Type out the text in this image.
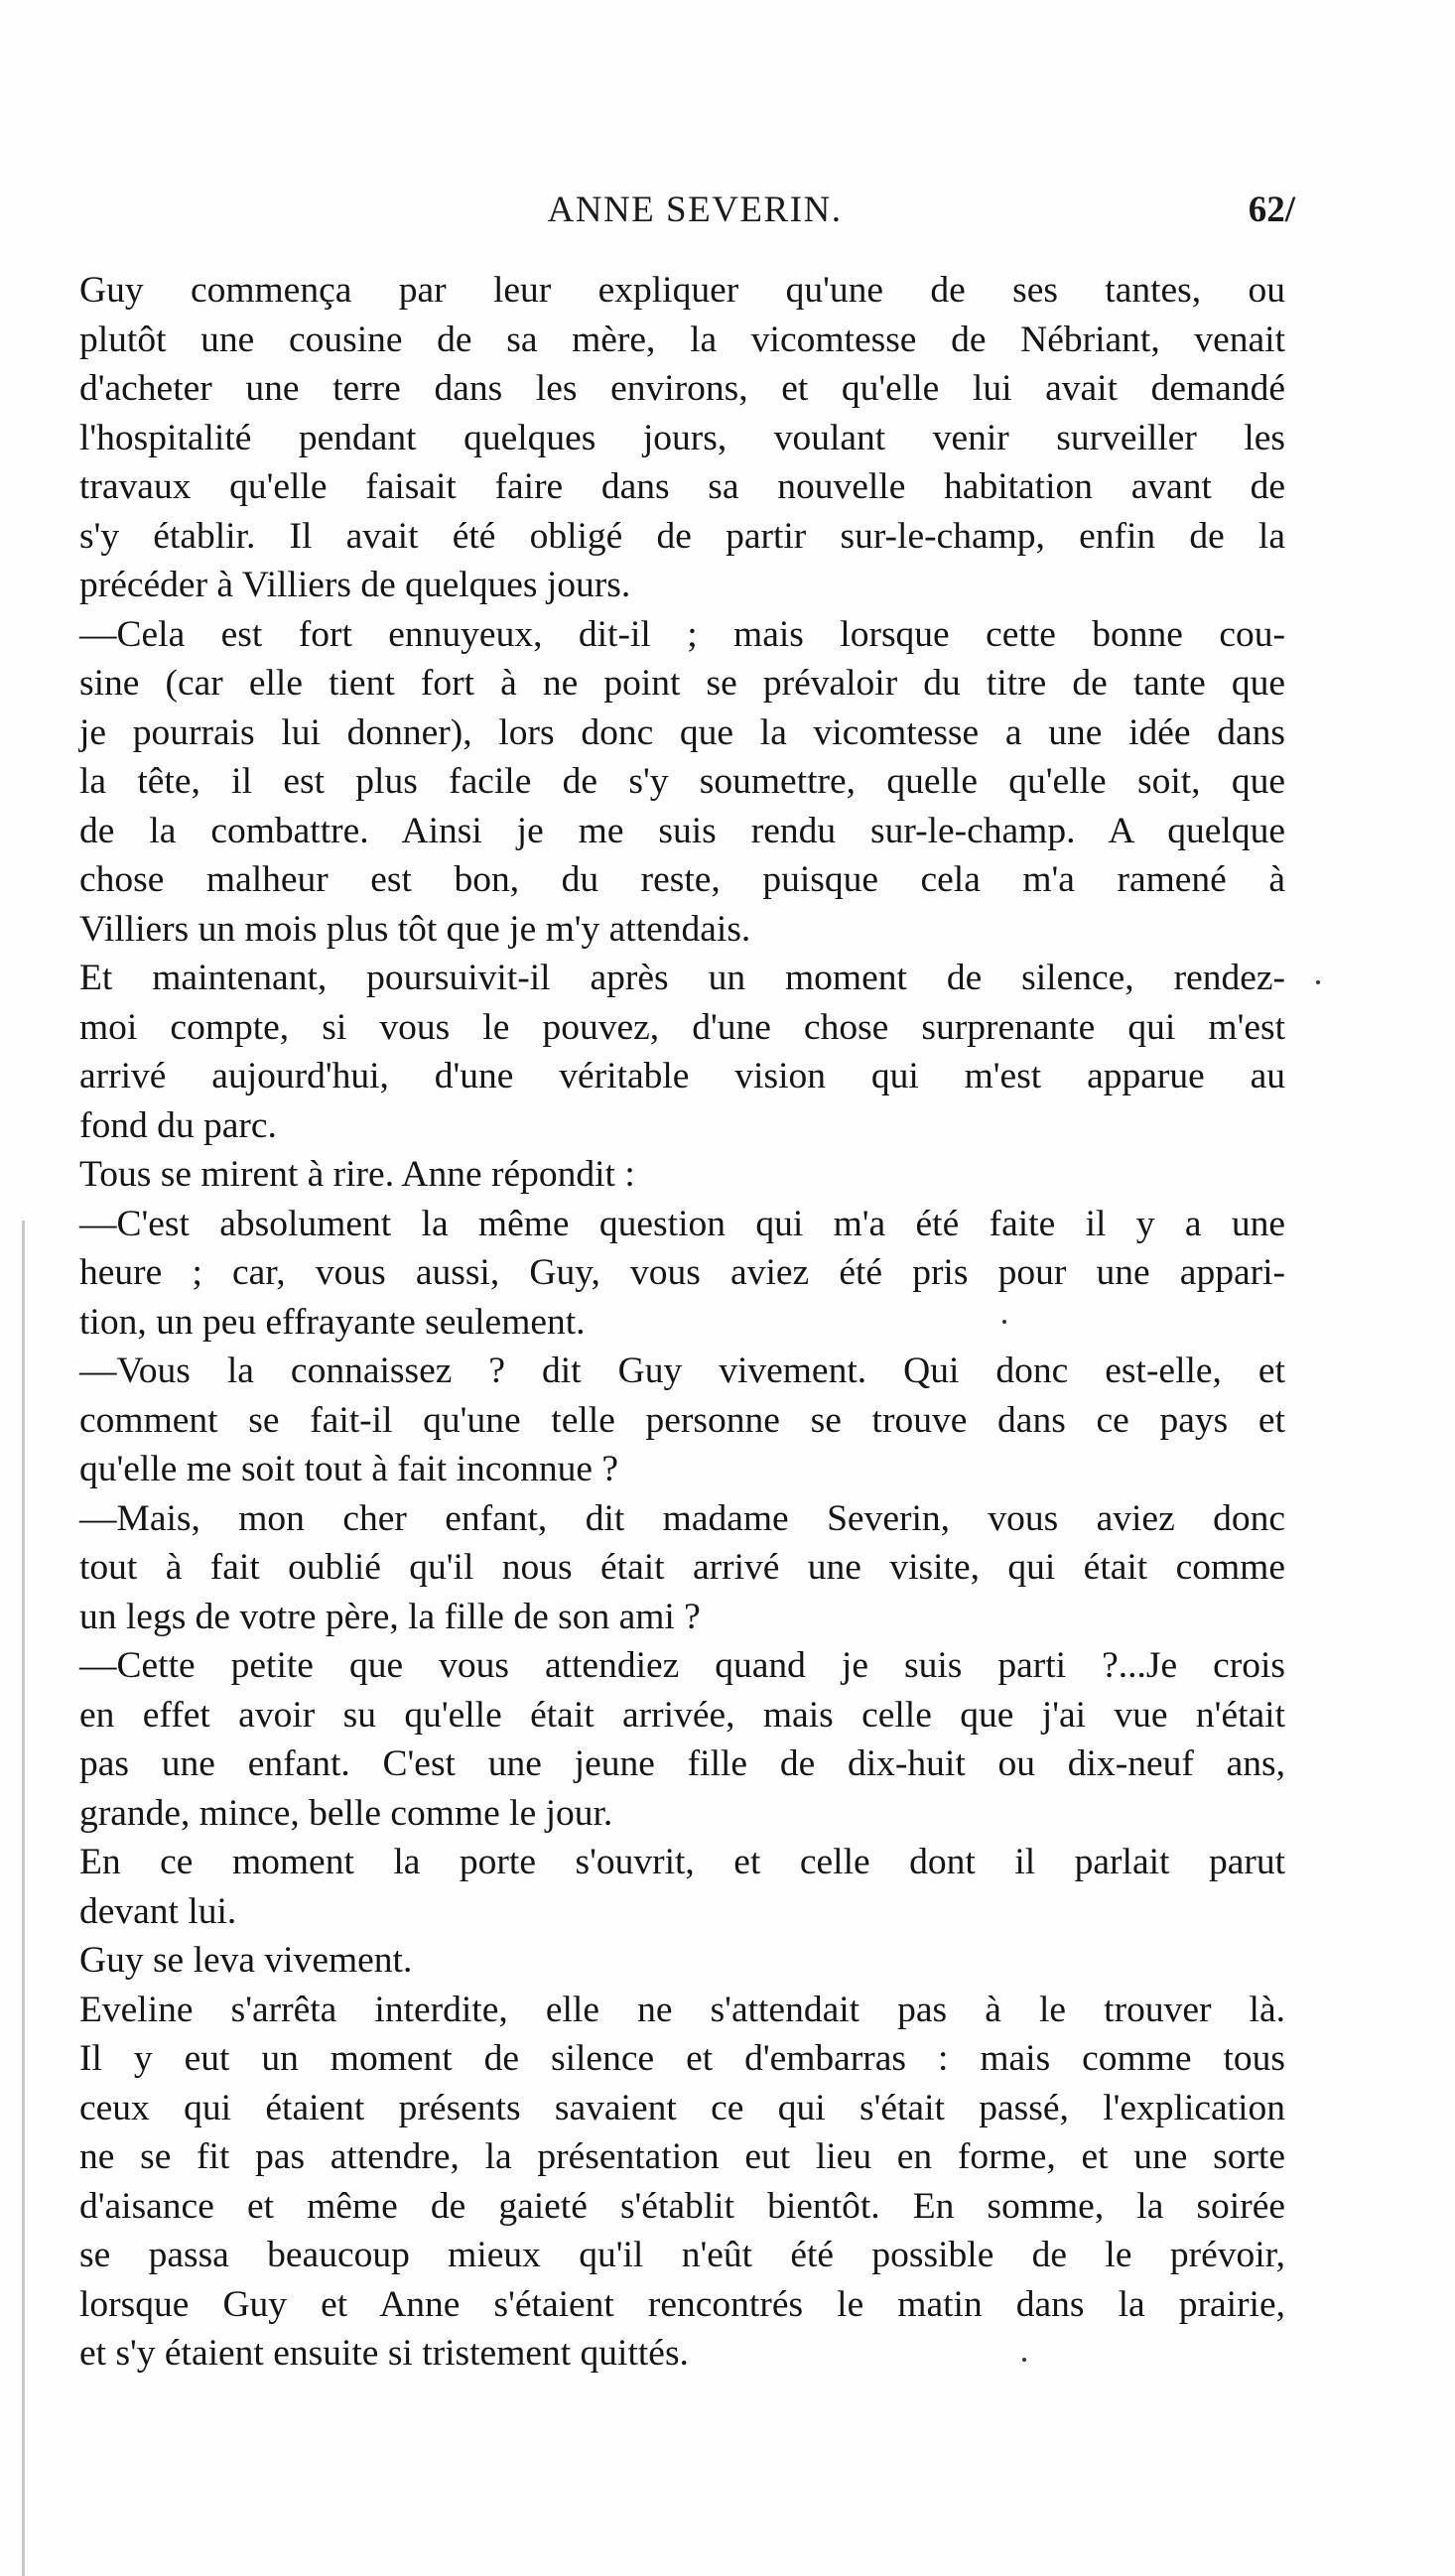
ANNE SEVERIN.	62/

Guy commença par leur expliquer qu'une de ses tantes, ou
plutôt une cousine de sa mère, la vicomtesse de Nébriant, venait
d'acheter une terre dans les environs, et qu'elle lui avait demandé
l'hospitalité pendant quelques jours, voulant venir surveiller les
travaux qu'elle faisait faire dans sa nouvelle habitation avant de
s'y établir. Il avait été obligé de partir sur-le-champ, enfin de la
précéder à Villiers de quelques jours.

—Cela est fort ennuyeux, dit-il ; mais lorsque cette bonne cou-
sine (car elle tient fort à ne point se prévaloir du titre de tante que
je pourrais lui donner), lors donc que la vicomtesse a une idée dans
la tête, il est plus facile de s'y soumettre, quelle qu'elle soit, que
de la combattre. Ainsi je me suis rendu sur-le-champ. A quelque
chose malheur est bon, du reste, puisque cela m'a ramené à
Villiers un mois plus tôt que je m'y attendais.

Et maintenant, poursuivit-il après un moment de silence, rendez-
moi compte, si vous le pouvez, d'une chose surprenante qui m'est
arrivé aujourd'hui, d'une véritable vision qui m'est apparue au
fond du parc.

Tous se mirent à rire. Anne répondit :

—C'est absolument la même question qui m'a été faite il y a une
heure ; car, vous aussi, Guy, vous aviez été pris pour une appari-
tion, un peu effrayante seulement.

—Vous la connaissez ? dit Guy vivement. Qui donc est-elle, et
comment se fait-il qu'une telle personne se trouve dans ce pays et
qu'elle me soit tout à fait inconnue ?

—Mais, mon cher enfant, dit madame Severin, vous aviez donc
tout à fait oublié qu'il nous était arrivé une visite, qui était comme
un legs de votre père, la fille de son ami ?

—Cette petite que vous attendiez quand je suis parti ?...Je crois
en effet avoir su qu'elle était arrivée, mais celle que j'ai vue n'était
pas une enfant. C'est une jeune fille de dix-huit ou dix-neuf ans,
grande, mince, belle comme le jour.

En ce moment la porte s'ouvrit, et celle dont il parlait parut
devant lui.

Guy se leva vivement.

Eveline s'arrêta interdite, elle ne s'attendait pas à le trouver là.
Il y eut un moment de silence et d'embarras : mais comme tous
ceux qui étaient présents savaient ce qui s'était passé, l'explication
ne se fit pas attendre, la présentation eut lieu en forme, et une sorte
d'aisance et même de gaieté s'établit bientôt. En somme, la soirée
se passa beaucoup mieux qu'il n'eût été possible de le prévoir,
lorsque Guy et Anne s'étaient rencontrés le matin dans la prairie,
et s'y étaient ensuite si tristement quittés.
